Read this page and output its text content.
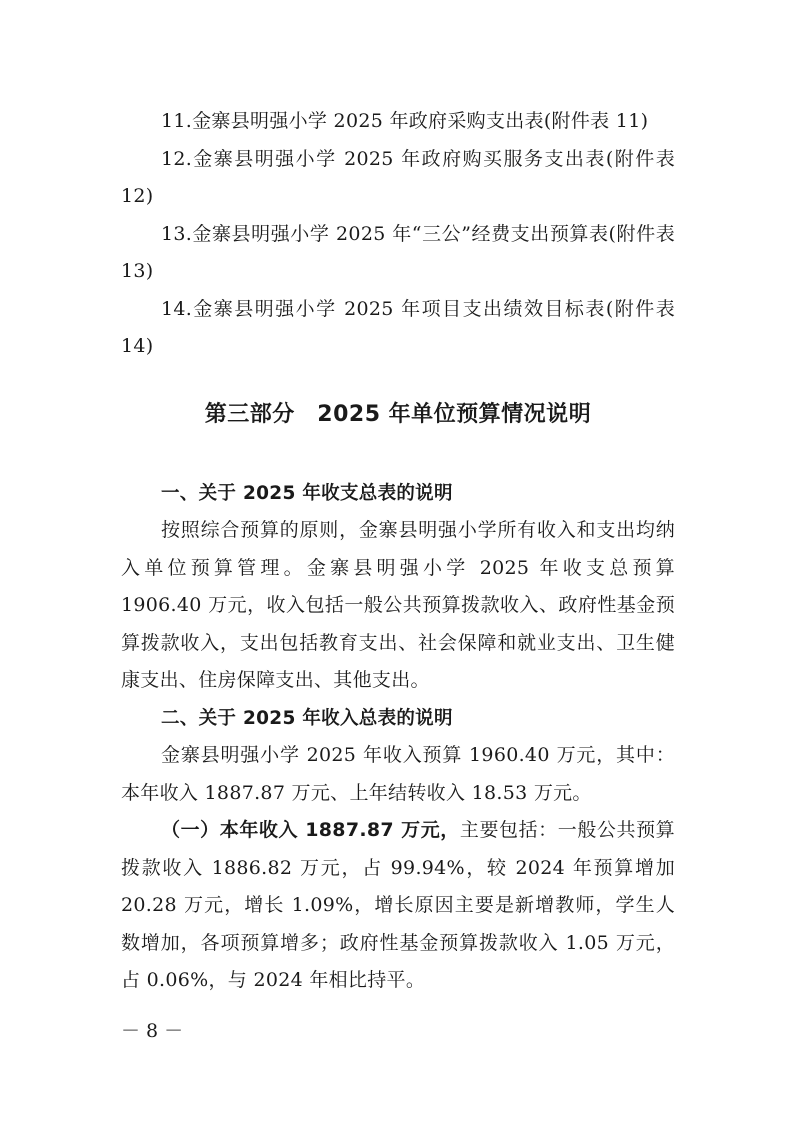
11.金寨县明强小学 2025 年政府采购支出表(附件表 11)

12.金寨县明强小学 2025 年政府购买服务支出表(附件表 12)

13.金寨县明强小学 2025 年“三公”经费支出预算表(附件表 13)

14.金寨县明强小学 2025 年项目支出绩效目标表(附件表 14)

第三部分　2025 年单位预算情况说明

一、关于 2025 年收支总表的说明

按照综合预算的原则，金寨县明强小学所有收入和支出均纳入单位预算管理。金寨县明强小学 2025 年收支总预算 1906.40 万元，收入包括一般公共预算拨款收入、政府性基金预算拨款收入，支出包括教育支出、社会保障和就业支出、卫生健康支出、住房保障支出、其他支出。

二、关于 2025 年收入总表的说明

金寨县明强小学 2025 年收入预算 1960.40 万元，其中：本年收入 1887.87 万元、上年结转收入 18.53 万元。

（一）本年收入 1887.87 万元，主要包括：一般公共预算拨款收入 1886.82 万元，占 99.94%，较 2024 年预算增加 20.28 万元，增长 1.09%，增长原因主要是新增教师，学生人数增加，各项预算增多；政府性基金预算拨款收入 1.05 万元，占 0.06%，与 2024 年相比持平。

－ 8 －
